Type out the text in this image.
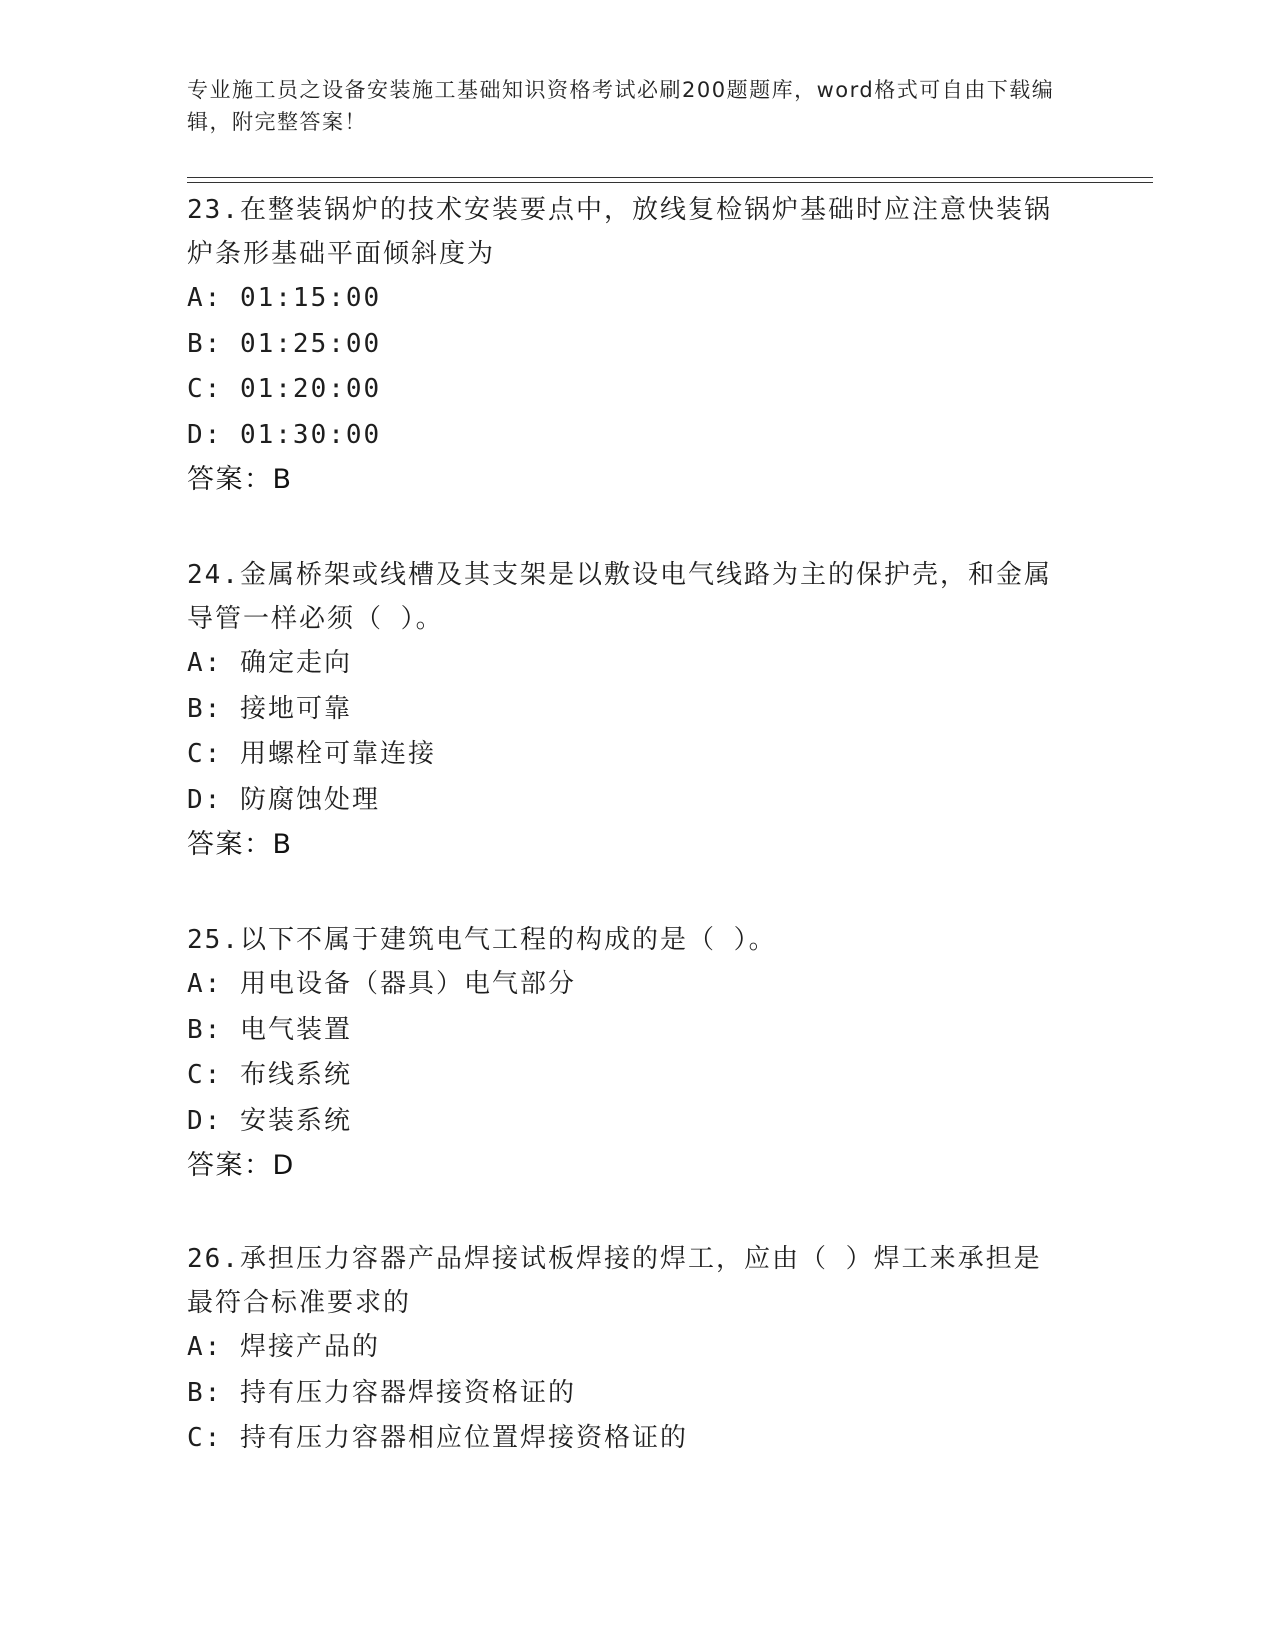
专业施工员之设备安装施工基础知识资格考试必刷200题题库，word格式可自由下载编辑，附完整答案！
23.在整装锅炉的技术安装要点中，放线复检锅炉基础时应注意快装锅炉条形基础平面倾斜度为
A: 01:15:00
B: 01:25:00
C: 01:20:00
D: 01:30:00
答案：B
24.金属桥架或线槽及其支架是以敷设电气线路为主的保护壳，和金属导管一样必须（ ）。
A: 确定走向
B: 接地可靠
C: 用螺栓可靠连接
D: 防腐蚀处理
答案：B
25.以下不属于建筑电气工程的构成的是（ ）。
A: 用电设备（器具）电气部分
B: 电气装置
C: 布线系统
D: 安装系统
答案：D
26.承担压力容器产品焊接试板焊接的焊工，应由（ ）焊工来承担是最符合标准要求的
A: 焊接产品的
B: 持有压力容器焊接资格证的
C: 持有压力容器相应位置焊接资格证的
